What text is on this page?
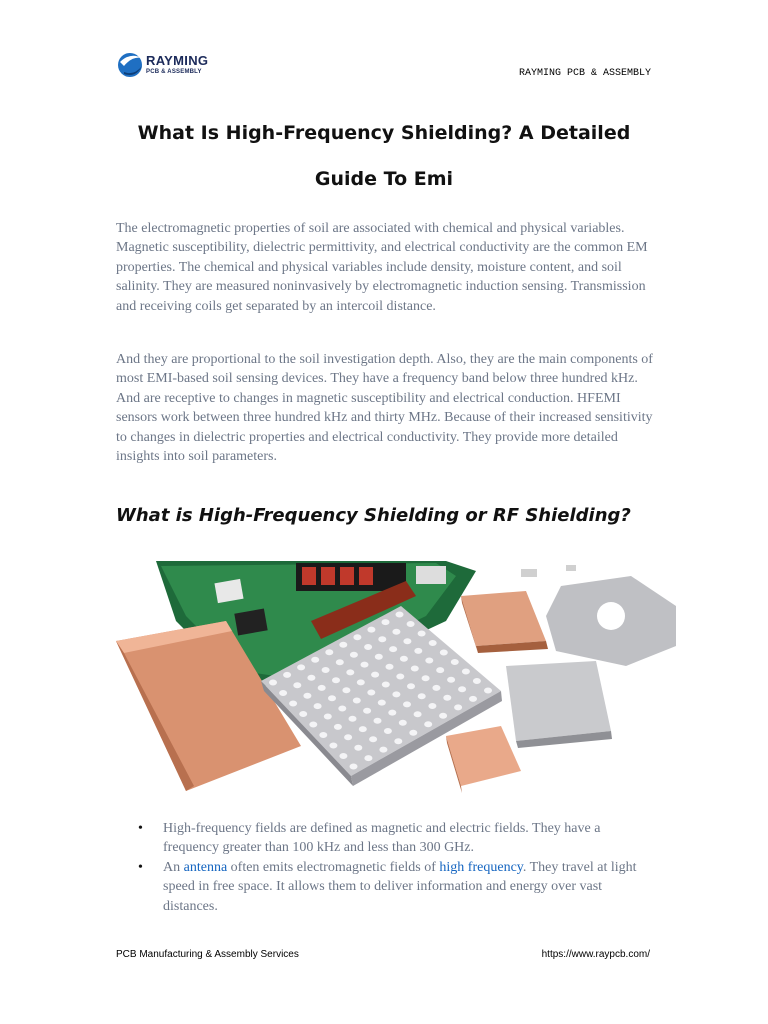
RAYMING
PCB & ASSEMBLY	RAYMING PCB & ASSEMBLY
What Is High-Frequency Shielding? A Detailed Guide To Emi

The electromagnetic properties of soil are associated with chemical and physical variables. Magnetic susceptibility, dielectric permittivity, and electrical conductivity are the common EM properties. The chemical and physical variables include density, moisture content, and soil salinity. They are measured noninvasively by electromagnetic induction sensing. Transmission and receiving coils get separated by an intercoil distance.

And they are proportional to the soil investigation depth. Also, they are the main components of most EMI-based soil sensing devices. They have a frequency band below three hundred kHz. And are receptive to changes in magnetic susceptibility and electrical conduction. HFEMI sensors work between three hundred kHz and thirty MHz. Because of their increased sensitivity to changes in dielectric properties and electrical conductivity. They provide more detailed insights into soil parameters.

What is High-Frequency Shielding or RF Shielding?
• High-frequency fields are defined as magnetic and electric fields. They have a frequency greater than 100 kHz and less than 300 GHz.
• An antenna often emits electromagnetic fields of high frequency. They travel at light speed in free space. It allows them to deliver information and energy over vast distances.
PCB Manufacturing & Assembly Services	https://www.raypcb.com/
